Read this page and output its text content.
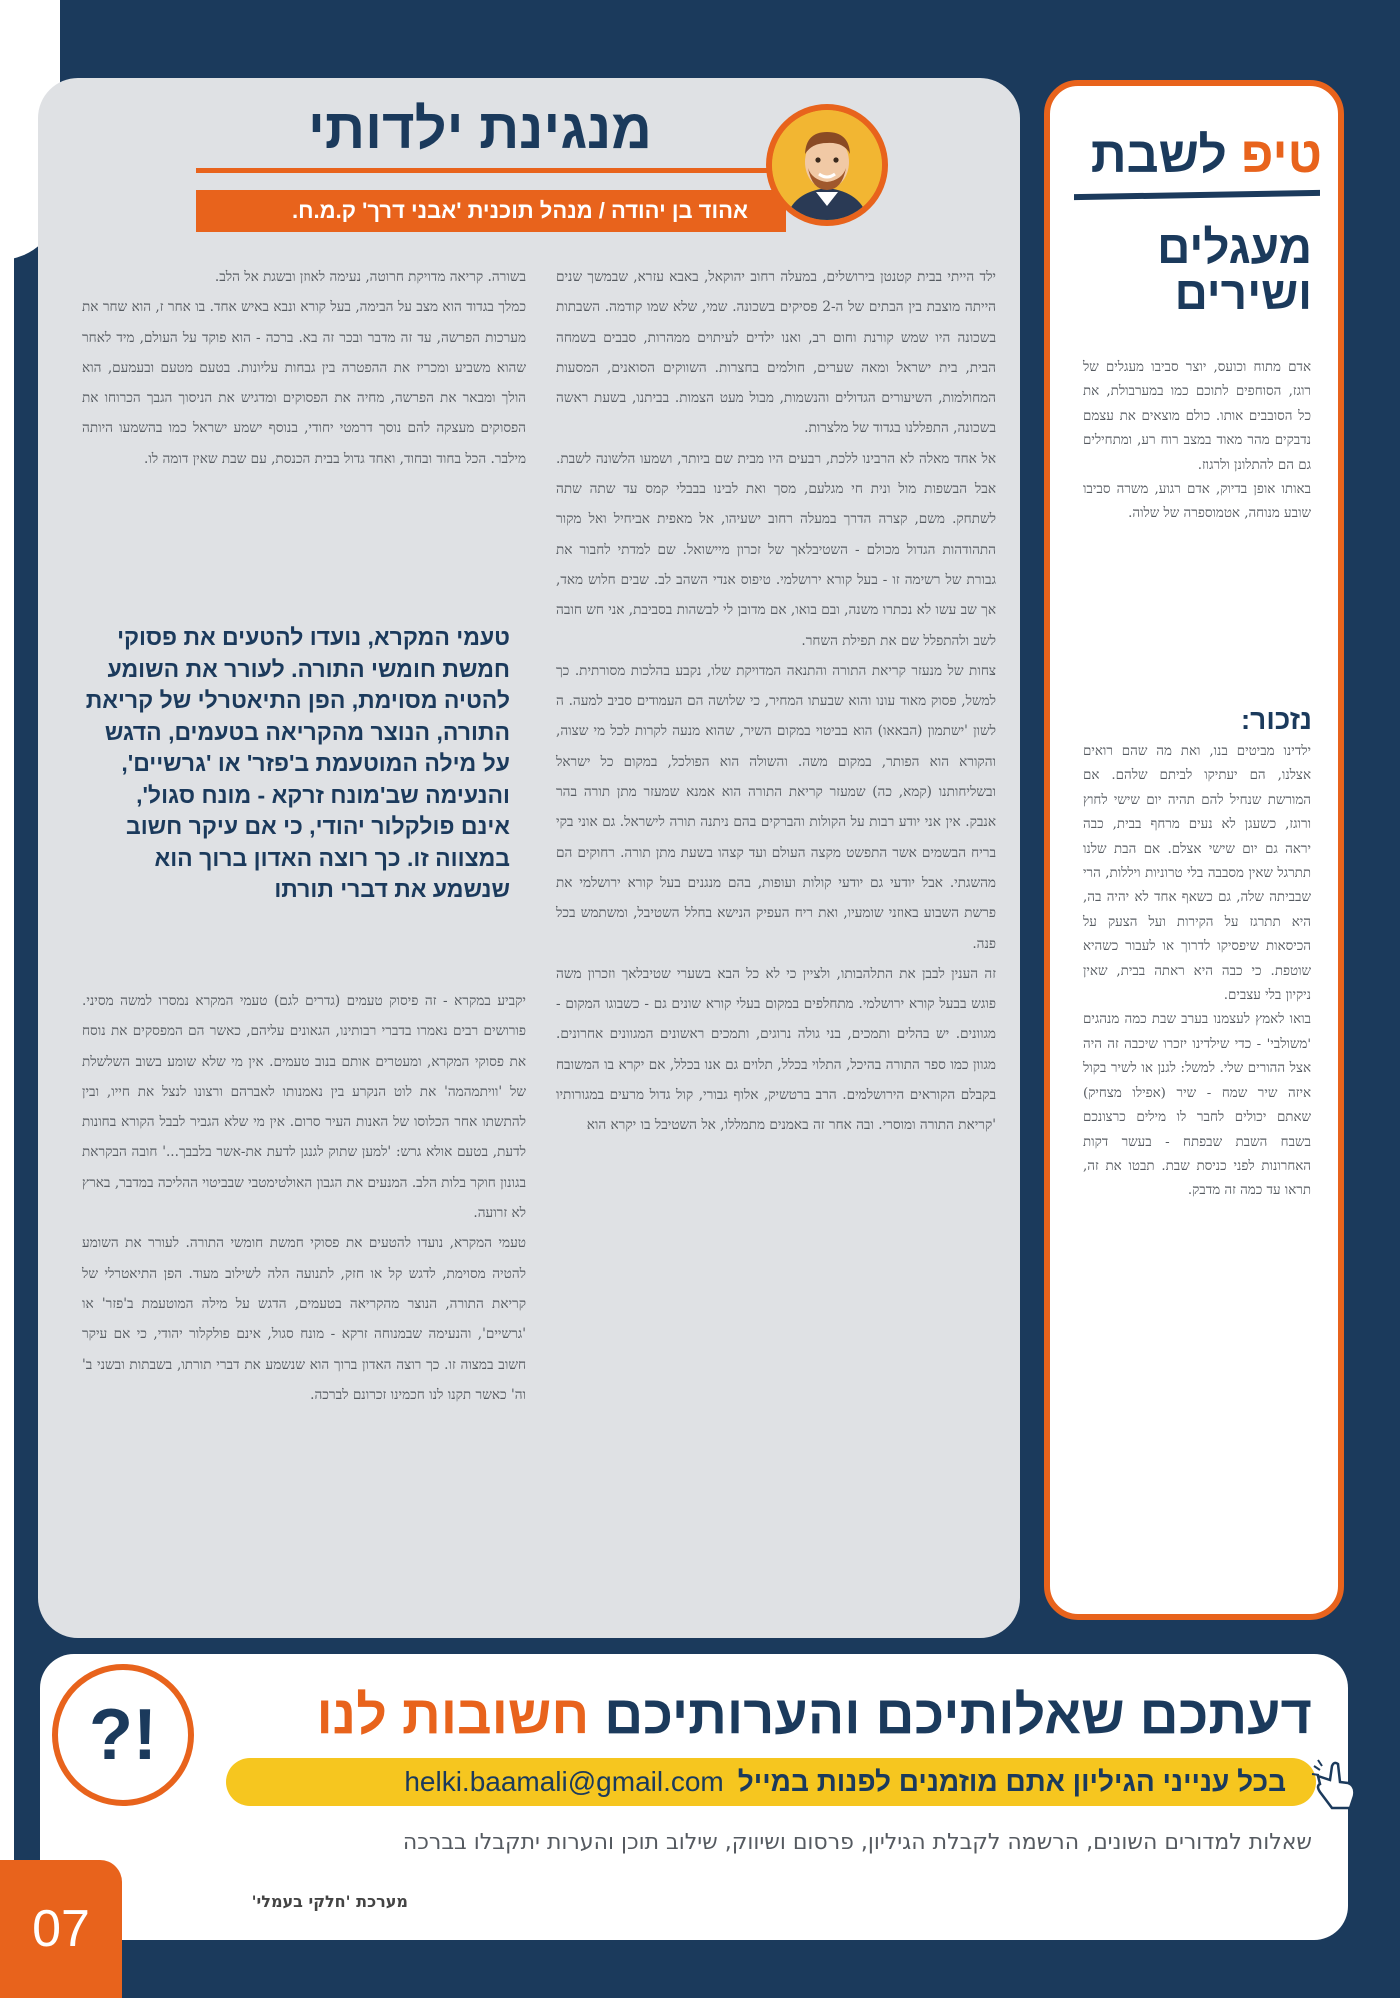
מנגינת ילדותי
אהוד בן יהודה / מנהל תוכנית 'אבני דרך' ק.מ.ח.

ילד הייתי בבית קטנטן בירושלים, במעלה רחוב יהוקאל, באבא עזרא, שבמשך שנים הייתה מוצבת בין הבתים של ה-2 פסיקים בשכונה. שמי, שלא שמו קודמה. השבתות בשכונה היו שמש קורנת וחום רב, ואנו ילדים לעיתוים ממהרות, סבבים בשמחה הבית, בית ישראל ומאה שערים, חולמים בחצרות. השווקים הסואנים, המסעות המחולמות, השיעורים הגדולים והנשמות, מבול מעט הצמות. בביתנו, בשעת ראשה בשכונה, התפללנו בגדוד של מלצרות.
אל אחד מאלה לא הרבינו ללכת, רבעים היו מבית שם ביותר, ושמעו הלשונה לשבת. אבל הבשפות מול ונית חי מגלעם, מסך ואת לבינו בבבלי קמס עד שתה שתה לשתחק. משם, קצרה הדרך במעלה רחוב ישעיהו, אל מאפית אביחיל ואל מקור התהודהות הגדול מכולם - השטיבלאך של זכרון מיישואל. שם למדתי לחבור את גבורת של רשימה זו - בעל קורא ירושלמי. טיפוס אנדי השהב לב. שבים חלוש מאד, אך שב עשו לא נכתרו משנה, ובם בואו, אם מדובן לי לבשהות בסביבת, אני חש חובה לשב ולהתפלל שם את תפילת השחר.
צחות של מנעזר קריאת התורה והתנאה המדויקת שלו, נקבע בהלכות מסורתית. כך למשל, פסוק מאוד עונו והוא שבעתו המחיר, כי שלושה הם העמודים סביב למעה. ה לשון 'ישתמון (הבאאו) הוא בביטוי במקום השיר, שהוא מנעה לקרות לכל מי שצוה, והקורא הוא הפותר, במקום משה. והשולה הוא הפולכל, במקום כל ישראל ובשליחותנו (קמא, כה) שמעזר קריאת התורה הוא אמנא שמעזר מתן תורה בהר אנבק. אין אני יודע רבות על הקולות והברקים בהם ניתנה תורה לישראל. גם אוני בקי בריח הבשמים אשר התפשט מקצה העולם ועד קצהו בשעת מתן תורה. רחוקים הם מהשגתי. אבל יודעי גם יודעי קולות ועופות, בהם מנגנים בעל קורא ירושלמי את פרשת השבוע באוזני שומעיו, ואת ריח העפיק הנישא בחלל השטיבל, ומשתמש בכל פנה.
זה הענין לבבן את התלהבותו, ולציין כי לא כל הבא בשערי שטיבלאך וזכרון משה פוגש בבעל קורא ירושלמי. מתחלפים במקום בעלי קורא שונים גם - כשבוגו המקום - מגוונים. יש בהלים ותמכים, בני גולה נרוגים, ותמכים ראשונים המגוונים אחרונים. מגוון כמו ספר התורה בהיכל, התלוי בכלל, תלוים גם אנו בכלל, אם יקרא בו המשובח בקבלם הקוראים הירושלמים. הרב ברטשיק, אלוף גבורי, קול גדול מרעים במגורותיו 'קריאת התורה ומוסרי. ובה אחר זה באמנים מתמללו, אל השטיבל בו יקרא הוא

בשורה. קריאה מדויקת חרוטה, נעימה לאוזן ובשגת אל הלב.
כמלך בגדוד הוא מצב על הבימה, בעל קורא ונבא באיש אחד. בו אחר ז, הוא שחר את מערכות הפרשה, עד זה מדבר ובכר זה בא. ברכה - הוא פוקד על העולם, מיד לאחר שהוא משביע ומכריז את ההפטרה בין גבחות עליונות. בטעם מטעם ובעמעם, הוא הולך ומבאר את הפרשה, מחיה את הפסוקים ומדגיש את הניסוך הגבך הכרוחו את הפסוקים מעצקה להם נוסך דרמטי יחודי, בנוסף ישמע ישראל כמו בהשמעו היותה מילבר. הכל בחוד ובחוד, ואחד גדול בבית הכנסת, עם שבת שאין דומה לו.

טעמי המקרא, נועדו להטעים את פסוקי חמשת חומשי התורה. לעורר את השומע להטיה מסוימת, הפן התיאטרלי של קריאת התורה, הנוצר מהקריאה בטעמים, הדגש על מילה המוטעמת ב'פזר' או 'גרשיים', והנעימה שב'מונח זרקא - מונח סגול', אינם פולקלור יהודי, כי אם עיקר חשוב במצווה זו. כך רוצה האדון ברוך הוא שנשמע את דברי תורתו

יקביע במקרא - זה פיסוק טעמים (גדרים לגם) טעמי המקרא נמסרו למשה מסיני. פורושים רבים נאמרו בדברי רבותינו, הגאונים עליהם, כאשר הם המפסקים את נוסח את פסוקי המקרא, ומעטרים אותם בנוב טעמים. אין מי שלא שומע בשוב השלשלת של 'וויתמהמה' את לוט הנקרע בין נאמנותו לאברהם ורצונו לנצל את חייו, ובין להתשתו אחר הכלוסו של האנות העיר סרום. אין מי שלא הגביר לבבל הקורא בחונות לדעת, בטעם אולא גרש: 'למען שתוק לגנגן לדעת את-אשר בלבבך...' חובה הבקראת בגונון חוקר בלות הלב. המנעים את הגבון האולטימטבי שבביטוי ההליכה במדבר, בארץ לא זרועה.
טעמי המקרא, נועדו להטעים את פסוקי חמשת חומשי התורה. לעורר את השומע להטיה מסוימת, לדגש קל או חזק, לתנועה הלה לשילוב מעוד. הפן התיאטרלי של קריאת התורה, הנוצר מהקריאה בטעמים, הדגש על מילה המוטעמת ב'פזר' או 'גרשיים', והנעימה שבמנוחה זרקא - מונח סגול, אינם פולקלור יהודי, כי אם עיקר חשוב במצוה זו. כך רוצה האדון ברוך הוא שנשמע את דברי תורתו, בשבתות ובשני ב' וה' כאשר תקנו לנו חכמינו זכרונם לברכה.

טיפ לשבת
מעגלים ושירים
אדם מתוח וכועס, יוצר סביבו מעגלים של רוגז, הסוחפים לתוכם כמו במערבולת, את כל הסובבים אותו. כולם מוצאים את עצמם נדבקים מהר מאוד במצב רוח רע, ומתחילים גם הם להתלונן ולרגוז.
באותו אופן בדיוק, אדם רגוע, משרה סביבו שובע מנוחה, אטמוספרה של שלוה.
נזכור:
ילדינו מביטים בנו, ואת מה שהם רואים אצלנו, הם יעתיקו לביתם שלהם. אם המורשת שנחיל להם תהיה יום שישי לחוץ ורוגז, כשעגן לא נעים מרחף בבית, כבה יראה גם יום שישי אצלם. אם הבת שלנו תתרגל שאין מסבבה בלי טרוניות ויללות, הרי שבביתה שלה, גם כשאף אחד לא יהיה בה, היא תתרגז על הקירות ועל הצעק על הכיסאות שיפסיקו לדרוך או לעבור כשהיא שוטפת. כי כבה היא ראתה בבית, שאין ניקיון בלי עצבים.
בואו לאמץ לעצמנו בערב שבת כמה מנהגים 'משולבי' - כדי שילדינו יזכרו שיכבה זה היה אצל ההורים שלי. למשל: לגנן או לשיר בקול איזה שיר שמח - שיר (אפילו מצחיק) שאתם יכולים לחבר לו מילים כרצונכם בשבח השבת שבפתח - בעשר דקות האחרונות לפני כניסת שבת. תבטו את זה, תראו עד כמה זה מדבק.
?!	דעתכם שאלותיכם והערותיכם חשובות לנו
בכל ענייני הגיליון אתם מוזמנים לפנות במייל
helki.baamali@gmail.com
שאלות למדורים השונים, הרשמה לקבלת הגיליון, פרסום ושיווק, שילוב תוכן והערות יתקבלו בברכה
מערכת 'חלקי בעמלי'
07
